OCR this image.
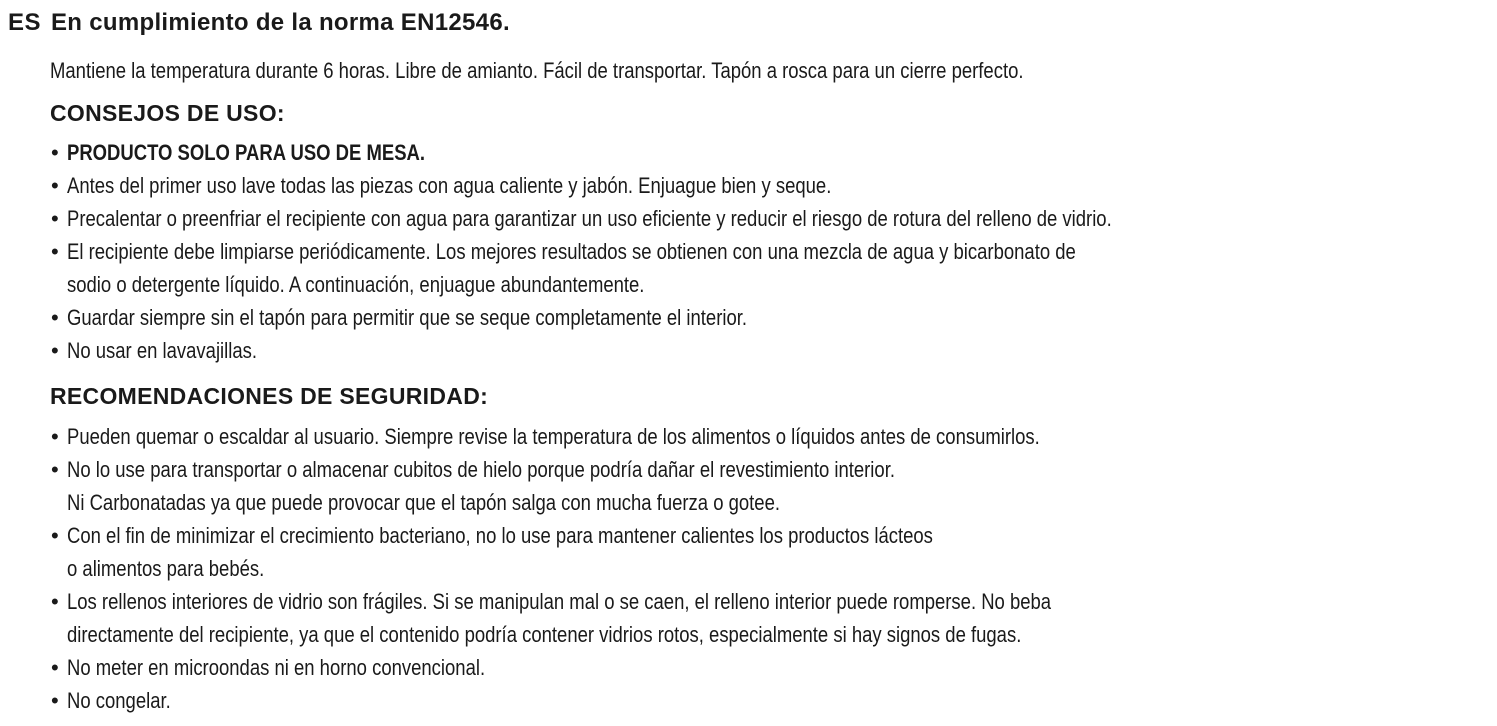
ES En cumplimiento de la norma EN12546.
Mantiene la temperatura durante 6 horas. Libre de amianto. Fácil de transportar. Tapón a rosca para un cierre perfecto.
CONSEJOS DE USO:
• PRODUCTO SOLO PARA USO DE MESA.
• Antes del primer uso lave todas las piezas con agua caliente y jabón. Enjuague bien y seque.
• Precalentar o preenfriar el recipiente con agua para garantizar un uso eficiente y reducir el riesgo de rotura del relleno de vidrio.
• El recipiente debe limpiarse periódicamente. Los mejores resultados se obtienen con una mezcla de agua y bicarbonato de
sodio o detergente líquido. A continuación, enjuague abundantemente.
• Guardar siempre sin el tapón para permitir que se seque completamente el interior.
• No usar en lavavajillas.
RECOMENDACIONES DE SEGURIDAD:
• Pueden quemar o escaldar al usuario. Siempre revise la temperatura de los alimentos o líquidos antes de consumirlos.
• No lo use para transportar o almacenar cubitos de hielo porque podría dañar el revestimiento interior.
Ni Carbonatadas ya que puede provocar que el tapón salga con mucha fuerza o gotee.
• Con el fin de minimizar el crecimiento bacteriano, no lo use para mantener calientes los productos lácteos
o alimentos para bebés.
• Los rellenos interiores de vidrio son frágiles. Si se manipulan mal o se caen, el relleno interior puede romperse. No beba
directamente del recipiente, ya que el contenido podría contener vidrios rotos, especialmente si hay signos de fugas.
• No meter en microondas ni en horno convencional.
• No congelar.
